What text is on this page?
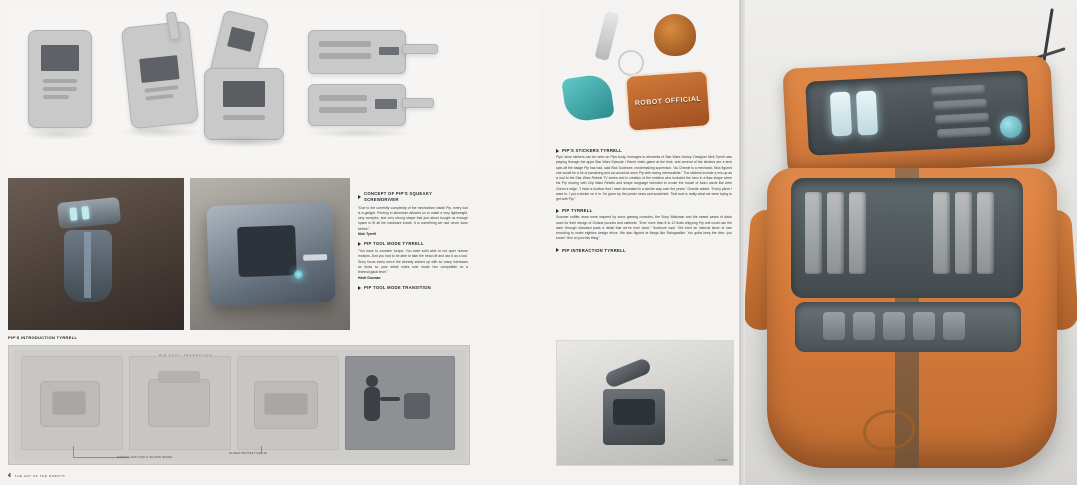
CONCEPT OF PIP'S SQUEAKY SCREWDRIVER
“Due to the currently complexity of the mechanism inside Pip, every tool is a gadget. Printing in aluminum allowed us to make a very lightweight, very complex, and very strong shape that just about bought us enough space to fit all the hardware inside. It is something we had never done before.”
Nick Tyrrell
PIP TOOL MODE TYRRELL
“You have to consider torque. You want solid able to not open human motions. And you had to be able to take the head off and use it as a tool. Story focus every mech the already started up with so many interfaces as tricks so your detail notes ever made him compatible on a technological level.”
Heidi Guzman
PIP TOOL MODE TRANSITION
PIP'S INTRODUCTION TYRRELL
HANDLE AND TOOLS SHOWN INSIDE
SLIDES PROTECTIVE LID
4 THE ART OF THE ROBOTS
ROBOT OFFICIAL
PIP'S STICKERS TYRRELL
Pips' store stickers can be seen on Pips body, homages to elements of Star Wars history. Designer Nick Tyrrell was playing through the apps Star Wars Episode I Racer video game at the time, and several of the stickers are a tech spin-off the badge Pip has had, said Rick Sudmore, modelmaking supervisor. “As Chewie is a mechanic, Nick figured she would be a lot of pandering and as-would-be-seen Pip with racing memorabilia.” The stickers include a mix-up as a nod to the Star Wars Rebels TV series and is creation of the emblem who included the hero in a flaw shape when his Pip moving with Clip Wars Rebels and shape language intended to evoke the model of Astro cards like Artie Gonzo's edge. “I have a toolbox that I have decorated in a similar way over the years,” Granite added. “Every piece I want to. I put a sticker on it in. I'm given by the poster news and scratched. That look is really what we were trying to get with Pip.”
PIP TYRRELL
Scanner outfits: team were inspired by sonic gaming consoles, the Sony Walkman and the raised cases of disks used for their design of Octane puzzles and cabinets. “Ever more than 8 to 12 thats shipping Pip unit could use the laser through standard pads a detail that we've ever done,” Sudmore said. “We tried an internal sliver of rare encoding to make eighties design ethos. We also figured at things like Swingwalkie. You gotta keep the dive, you know? Him on just this thing.”
PIP INTERACTION TYRRELL
© TYRRELL
